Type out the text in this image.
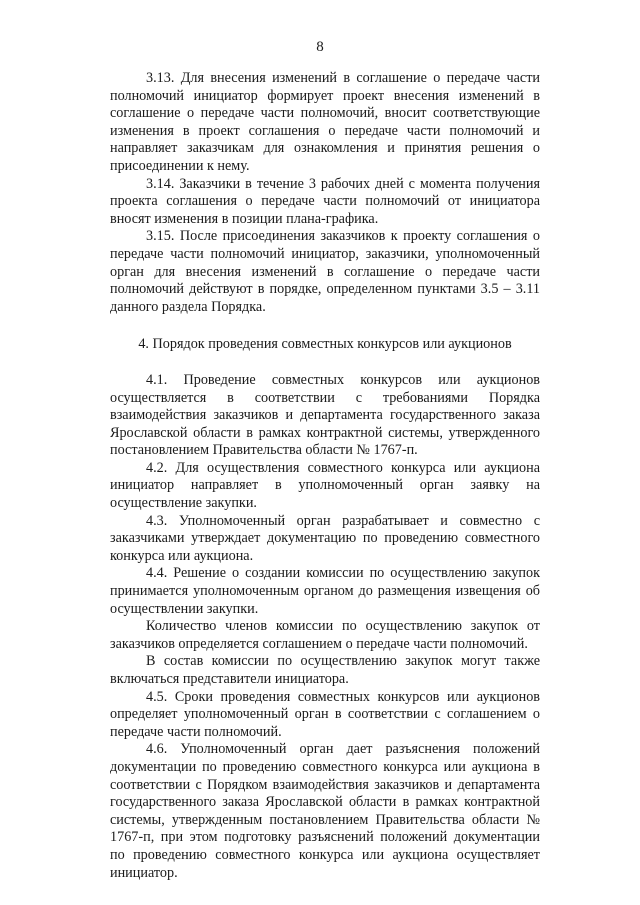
8

3.13. Для внесения изменений в соглашение о передаче части полномочий инициатор формирует проект внесения изменений в соглашение о передаче части полномочий, вносит соответствующие изменения в проект соглашения о передаче части полномочий и направляет заказчикам для ознакомления и принятия решения о присоединении к нему.

3.14. Заказчики в течение 3 рабочих дней с момента получения проекта соглашения о передаче части полномочий от инициатора вносят изменения в позиции плана-графика.

3.15. После присоединения заказчиков к проекту соглашения о передаче части полномочий инициатор, заказчики, уполномоченный орган для внесения изменений в соглашение о передаче части полномочий действуют в порядке, определенном пунктами 3.5 – 3.11 данного раздела Порядка.

4. Порядок проведения совместных конкурсов или аукционов

4.1. Проведение совместных конкурсов или аукционов осуществляется в соответствии с требованиями Порядка взаимодействия заказчиков и департамента государственного заказа Ярославской области в рамках контрактной системы, утвержденного постановлением Правительства области № 1767-п.

4.2. Для осуществления совместного конкурса или аукциона инициатор направляет в уполномоченный орган заявку на осуществление закупки.

4.3. Уполномоченный орган разрабатывает и совместно с заказчиками утверждает документацию по проведению совместного конкурса или аукциона.

4.4. Решение о создании комиссии по осуществлению закупок принимается уполномоченным органом до размещения извещения об осуществлении закупки.

Количество членов комиссии по осуществлению закупок от заказчиков определяется соглашением о передаче части полномочий.

В состав комиссии по осуществлению закупок могут также включаться представители инициатора.

4.5. Сроки проведения совместных конкурсов или аукционов определяет уполномоченный орган в соответствии с соглашением о передаче части полномочий.

4.6. Уполномоченный орган дает разъяснения положений документации по проведению совместного конкурса или аукциона в соответствии с Порядком взаимодействия заказчиков и департамента государственного заказа Ярославской области в рамках контрактной системы, утвержденным постановлением Правительства области № 1767-п, при этом подготовку разъяснений положений документации по проведению совместного конкурса или аукциона осуществляет инициатор.
